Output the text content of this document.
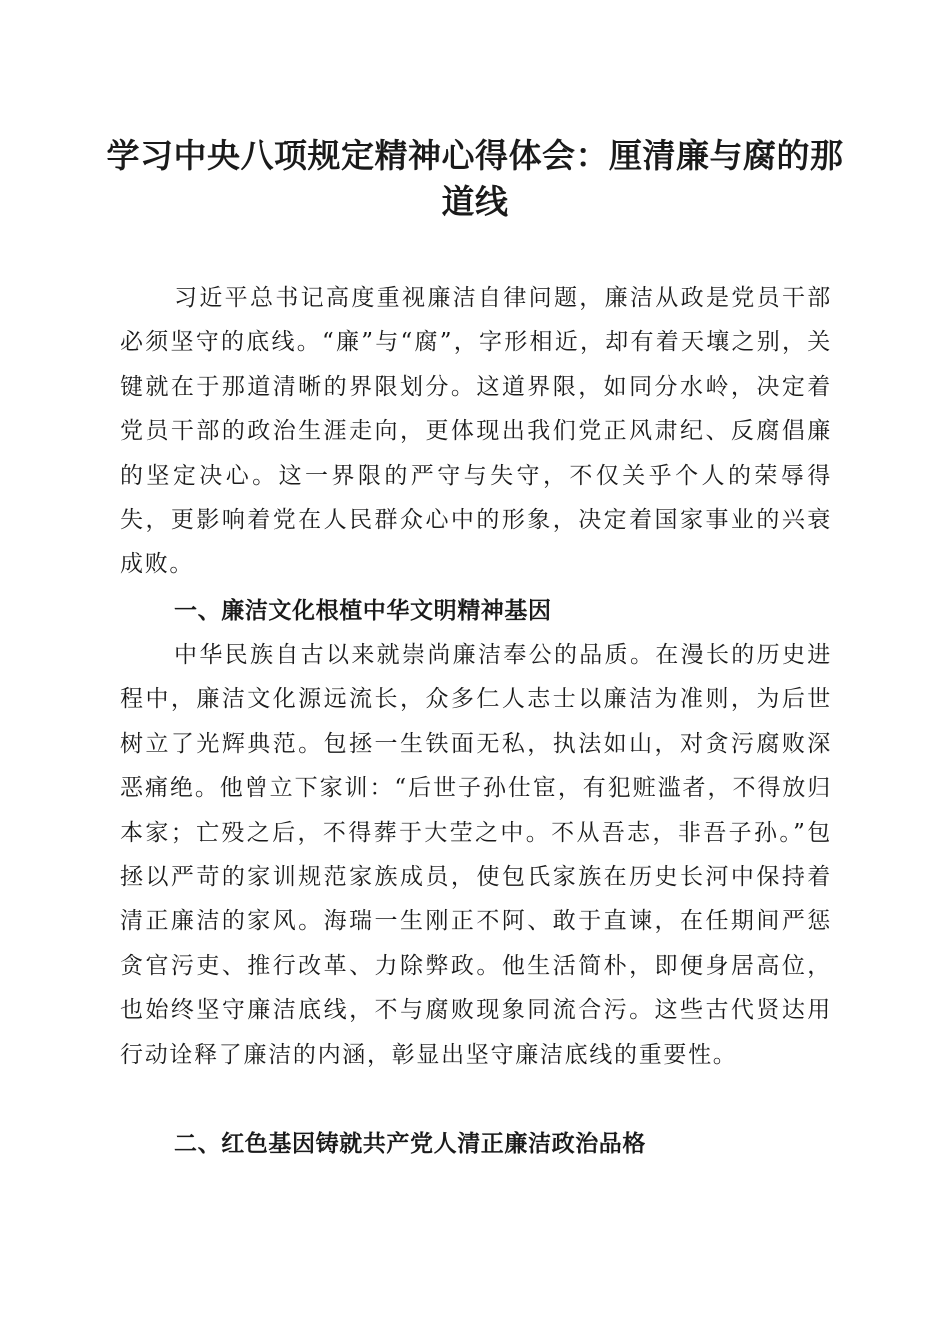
学习中央八项规定精神心得体会：厘清廉与腐的那道线

习近平总书记高度重视廉洁自律问题，廉洁从政是党员干部必须坚守的底线。“廉”与“腐”，字形相近，却有着天壤之别，关键就在于那道清晰的界限划分。这道界限，如同分水岭，决定着党员干部的政治生涯走向，更体现出我们党正风肃纪、反腐倡廉的坚定决心。这一界限的严守与失守，不仅关乎个人的荣辱得失，更影响着党在人民群众心中的形象，决定着国家事业的兴衰成败。

一、廉洁文化根植中华文明精神基因

中华民族自古以来就崇尚廉洁奉公的品质。在漫长的历史进程中，廉洁文化源远流长，众多仁人志士以廉洁为准则，为后世树立了光辉典范。包拯一生铁面无私，执法如山，对贪污腐败深恶痛绝。他曾立下家训：“后世子孙仕宦，有犯赃滥者，不得放归本家；亡殁之后，不得葬于大茔之中。不从吾志，非吾子孙。”包拯以严苛的家训规范家族成员，使包氏家族在历史长河中保持着清正廉洁的家风。海瑞一生刚正不阿、敢于直谏，在任期间严惩贪官污吏、推行改革、力除弊政。他生活简朴，即便身居高位，也始终坚守廉洁底线，不与腐败现象同流合污。这些古代贤达用行动诠释了廉洁的内涵，彰显出坚守廉洁底线的重要性。

二、红色基因铸就共产党人清正廉洁政治品格
